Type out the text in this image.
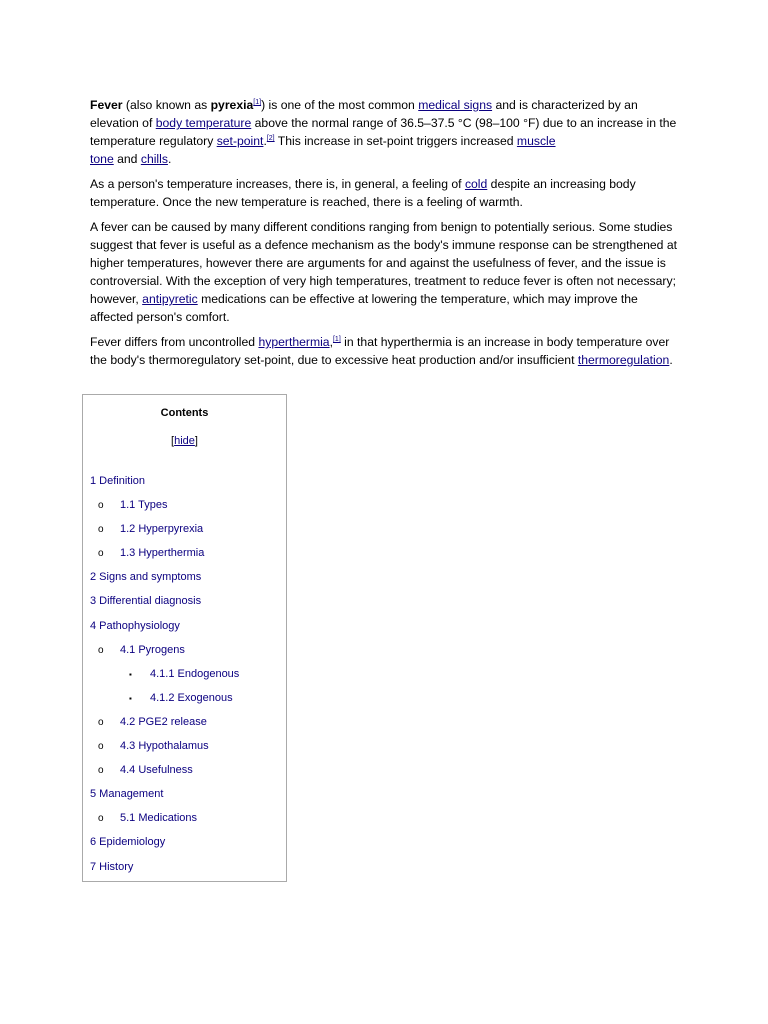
Fever (also known as pyrexia[1]) is one of the most common medical signs and is characterized by an elevation of body temperature above the normal range of 36.5–37.5 °C (98–100 °F) due to an increase in the temperature regulatory set-point.[2] This increase in set-point triggers increased muscle
tone and chills.

As a person's temperature increases, there is, in general, a feeling of cold despite an increasing body temperature. Once the new temperature is reached, there is a feeling of warmth.

A fever can be caused by many different conditions ranging from benign to potentially serious. Some studies suggest that fever is useful as a defence mechanism as the body's immune response can be strengthened at higher temperatures, however there are arguments for and against the usefulness of fever, and the issue is controversial. With the exception of very high temperatures, treatment to reduce fever is often not necessary; however, antipyretic medications can be effective at lowering the temperature, which may improve the affected person's comfort.

Fever differs from uncontrolled hyperthermia,[1] in that hyperthermia is an increase in body temperature over the body's thermoregulatory set-point, due to excessive heat production and/or insufficient thermoregulation.

Contents
[hide]
1 Definition
o 1.1 Types
o 1.2 Hyperpyrexia
o 1.3 Hyperthermia
2 Signs and symptoms
3 Differential diagnosis
4 Pathophysiology
o 4.1 Pyrogens
▪ 4.1.1 Endogenous
▪ 4.1.2 Exogenous
o 4.2 PGE2 release
o 4.3 Hypothalamus
o 4.4 Usefulness
5 Management
o 5.1 Medications
6 Epidemiology
7 History
